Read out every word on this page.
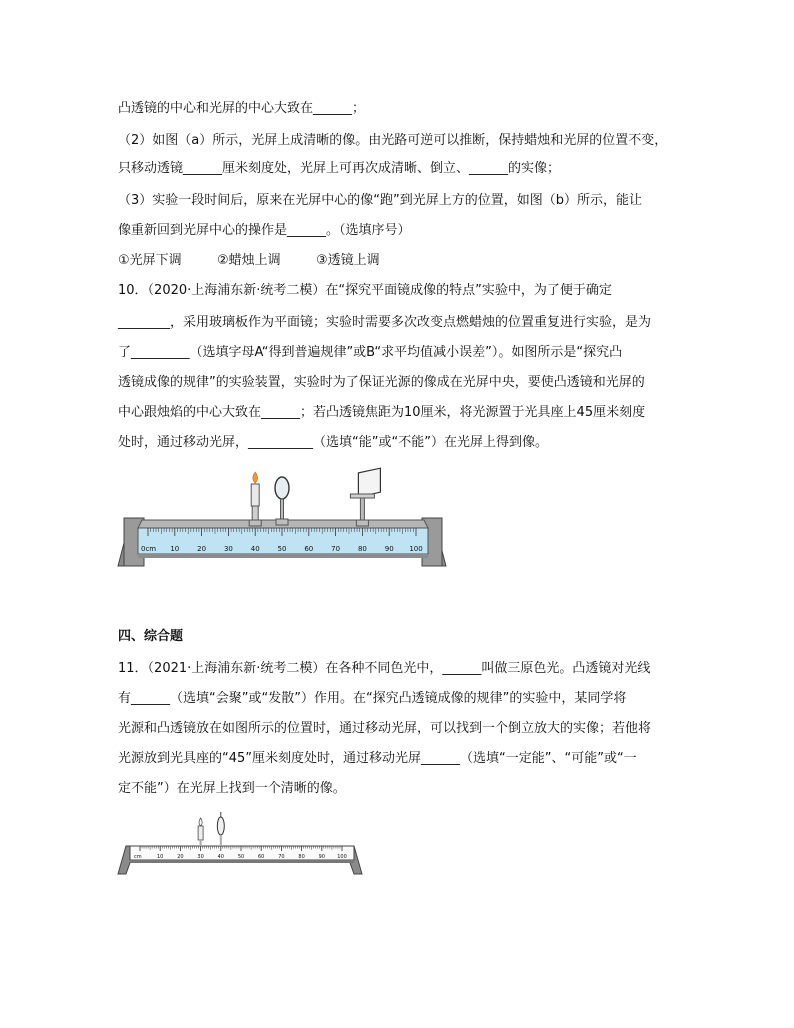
凸透镜的中心和光屏的中心大致在______；
（2）如图（a）所示，光屏上成清晰的像。由光路可逆可以推断，保持蜡烛和光屏的位置不变，
只移动透镜______厘米刻度处，光屏上可再次成清晰、倒立、______的实像；
（3）实验一段时间后，原来在光屏中心的像“跑”到光屏上方的位置，如图（b）所示，能让
像重新回到光屏中心的操作是______。（选填序号）
①光屏下调	②蜡烛上调	③透镜上调
10．（2020·上海浦东新·统考二模）在“探究平面镜成像的特点”实验中，为了便于确定
________，采用玻璃板作为平面镜；实验时需要多次改变点燃蜡烛的位置重复进行实验，是为
了_________（选填字母A“得到普遍规律”或B“求平均值减小误差”）。如图所示是“探究凸
透镜成像的规律”的实验装置，实验时为了保证光源的像成在光屏中央，要使凸透镜和光屏的
中心跟烛焰的中心大致在______；若凸透镜焦距为10厘米，将光源置于光具座上45厘米刻度
处时，通过移动光屏，__________（选填“能”或“不能”）在光屏上得到像。
0cm 10	20	30	40	50	60	70	80	90 100
四、综合题
11．（2021·上海浦东新·统考二模）在各种不同色光中，______叫做三原色光。凸透镜对光线
有______（选填“会聚”或“发散”）作用。在“探究凸透镜成像的规律”的实验中，某同学将
光源和凸透镜放在如图所示的位置时，通过移动光屏，可以找到一个倒立放大的实像；若他将
光源放到光具座的“45”厘米刻度处时，通过移动光屏______（选填“一定能”、“可能”或“一
定不能”）在光屏上找到一个清晰的像。
cm	10	20	30	40	50	60	70	80	90 100
